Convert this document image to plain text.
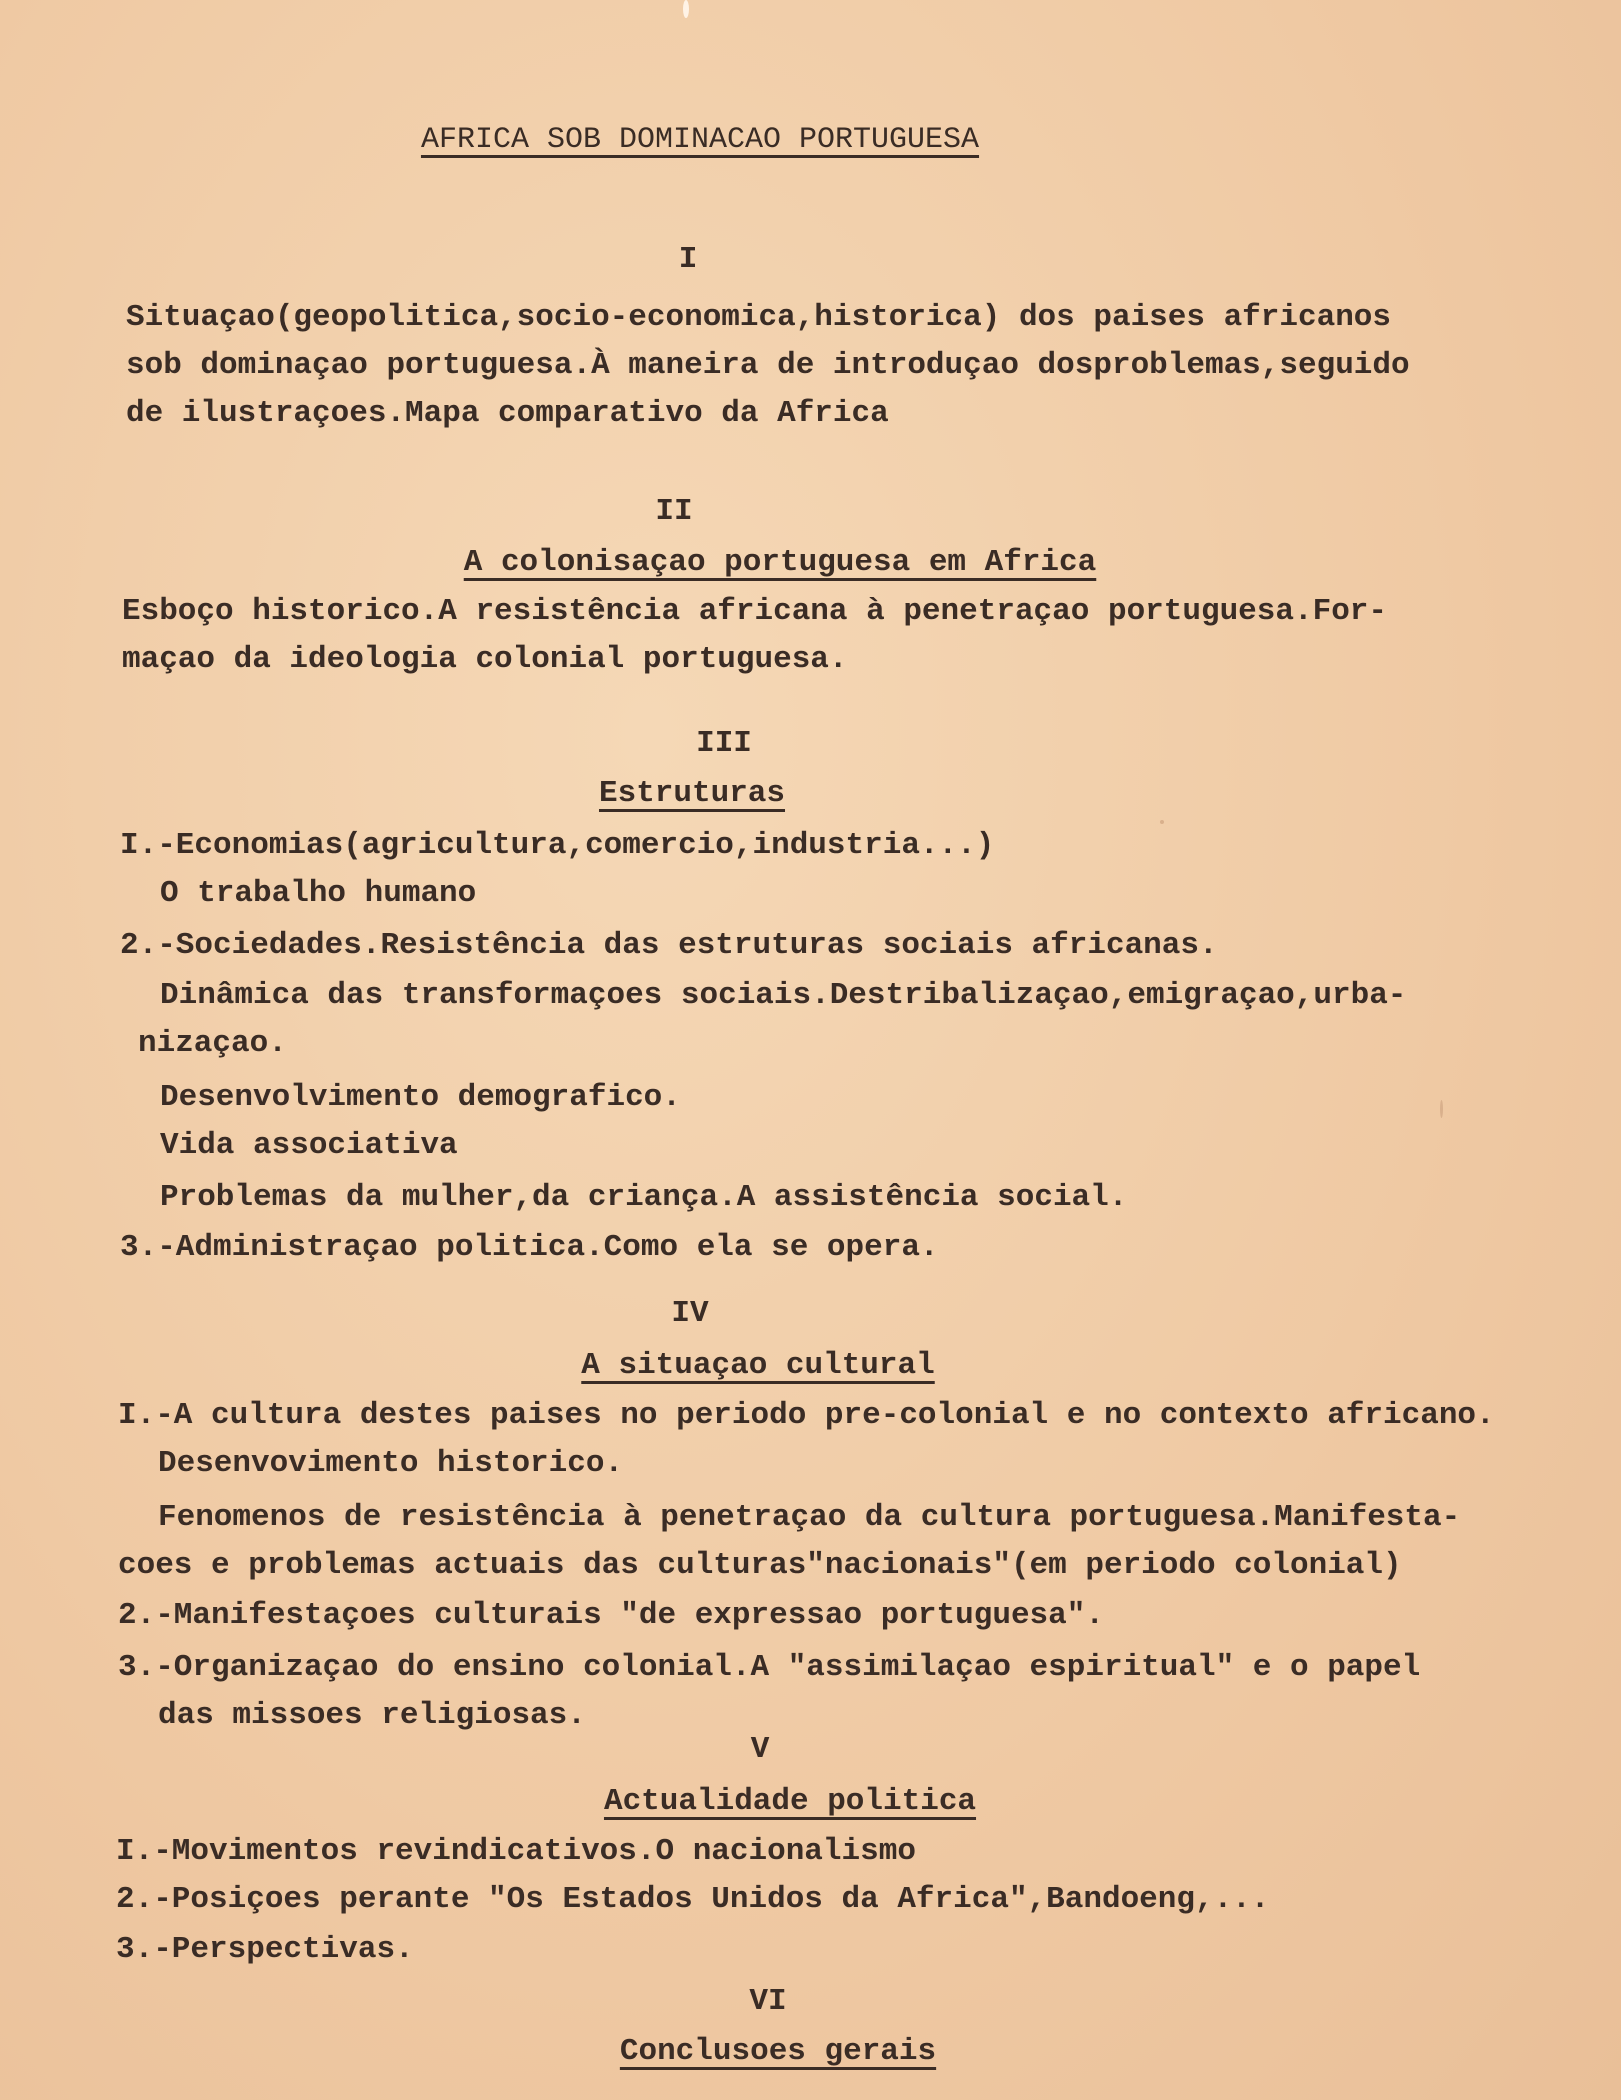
AFRICA SOB DOMINACAO PORTUGUESA
I
Situaçao(geopolitica,socio-economica,historica) dos paises africanos
sob dominaçao portuguesa.À maneira de introduçao dosproblemas,seguido
de ilustraçoes.Mapa comparativo da Africa
II
A colonisaçao portuguesa em Africa
Esboço historico.A resistência africana à penetraçao portuguesa.For-
maçao da ideologia colonial portuguesa.
III
Estruturas
I.-Economias(agricultura,comercio,industria...)
O trabalho humano
2.-Sociedades.Resistência das estruturas sociais africanas.
Dinâmica das transformaçoes sociais.Destribalizaçao,emigraçao,urba-
nizaçao.
Desenvolvimento demografico.
Vida associativa
Problemas da mulher,da criança.A assistência social.
3.-Administraçao politica.Como ela se opera.
IV
A situaçao cultural
I.-A cultura destes paises no periodo pre-colonial e no contexto africano.
Desenvovimento historico.
Fenomenos de resistência à penetraçao da cultura portuguesa.Manifesta-
coes e problemas actuais das culturas"nacionais"(em periodo colonial)
2.-Manifestaçoes culturais "de expressao portuguesa".
3.-Organizaçao do ensino colonial.A "assimilaçao espiritual" e o papel
das missoes religiosas.
V
Actualidade politica
I.-Movimentos revindicativos.O nacionalismo
2.-Posiçoes perante "Os Estados Unidos da Africa",Bandoeng,...
3.-Perspectivas.
VI
Conclusoes gerais
